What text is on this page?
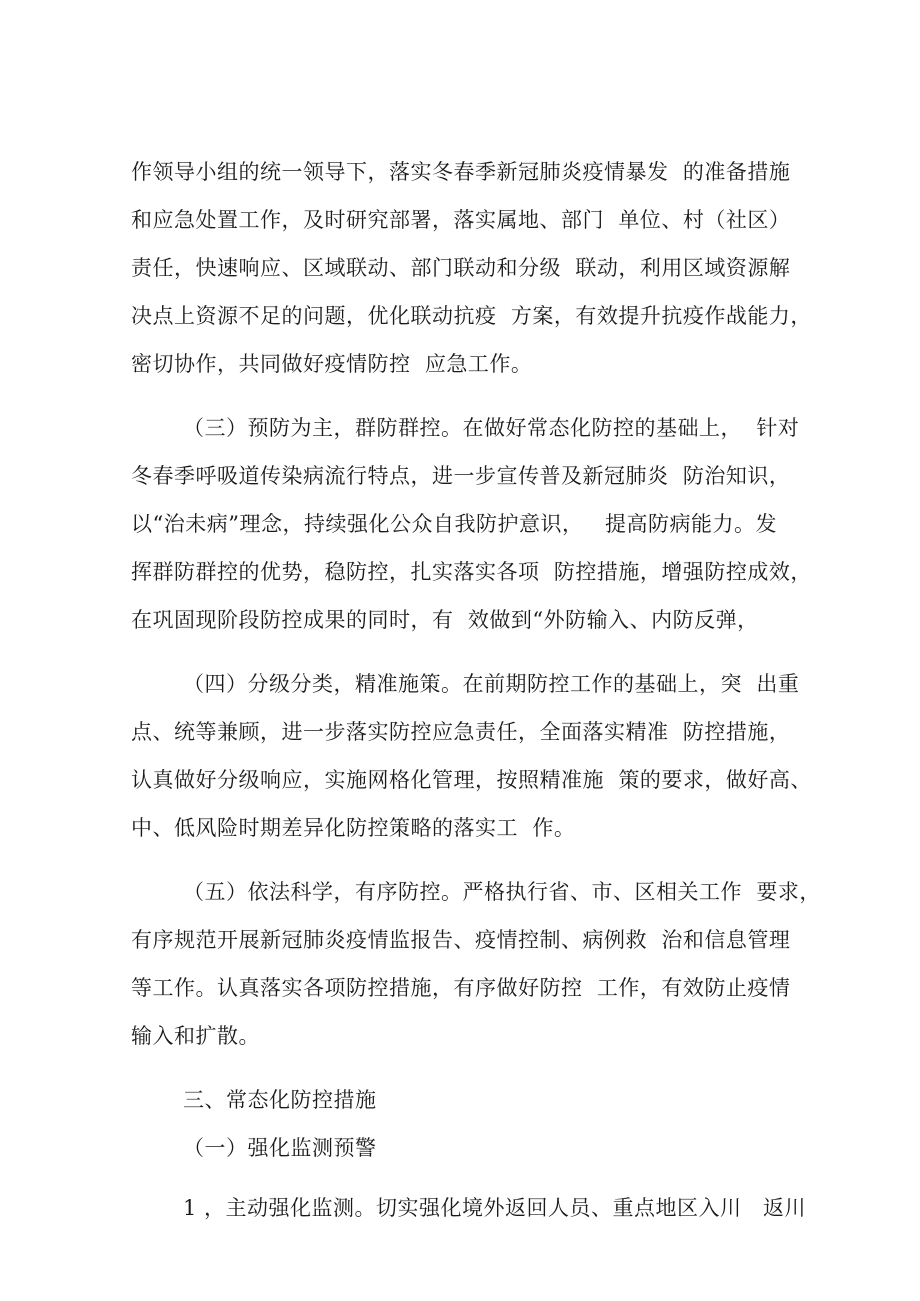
作领导小组的统一领导下，落实冬春季新冠肺炎疫情暴发  的准备措施
和应急处置工作，及时研究部署，落实属地、部门  单位、村（社区）
责任，快速响应、区域联动、部门联动和分级  联动，利用区域资源解
决点上资源不足的问题，优化联动抗疫  方案，有效提升抗疫作战能力，
密切协作，共同做好疫情防控  应急工作。
（三）预防为主，群防群控。在做好常态化防控的基础上，  针对
冬春季呼吸道传染病流行特点，进一步宣传普及新冠肺炎  防治知识，
以“治未病”理念，持续强化公众自我防护意识，   提高防病能力。发
挥群防群控的优势，稳防控，扎实落实各项  防控措施，增强防控成效，
在巩固现阶段防控成果的同时，有  效做到“外防输入、内防反弹，
（四）分级分类，精准施策。在前期防控工作的基础上，突  出重
点、统等兼顾，进一步落实防控应急责任，全面落实精准  防控措施，
认真做好分级响应，实施网格化管理，按照精准施  策的要求，做好高、
中、低风险时期差异化防控策略的落实工  作。
（五）依法科学，有序防控。严格执行省、市、区相关工作  要求，
有序规范开展新冠肺炎疫情监报告、疫情控制、病例救  治和信息管理
等工作。认真落实各项防控措施，有序做好防控  工作，有效防止疫情
输入和扩散。
三、常态化防控措施
（一）强化监测预警
1 ，主动强化监测。切实强化境外返回人员、重点地区入川   返川
